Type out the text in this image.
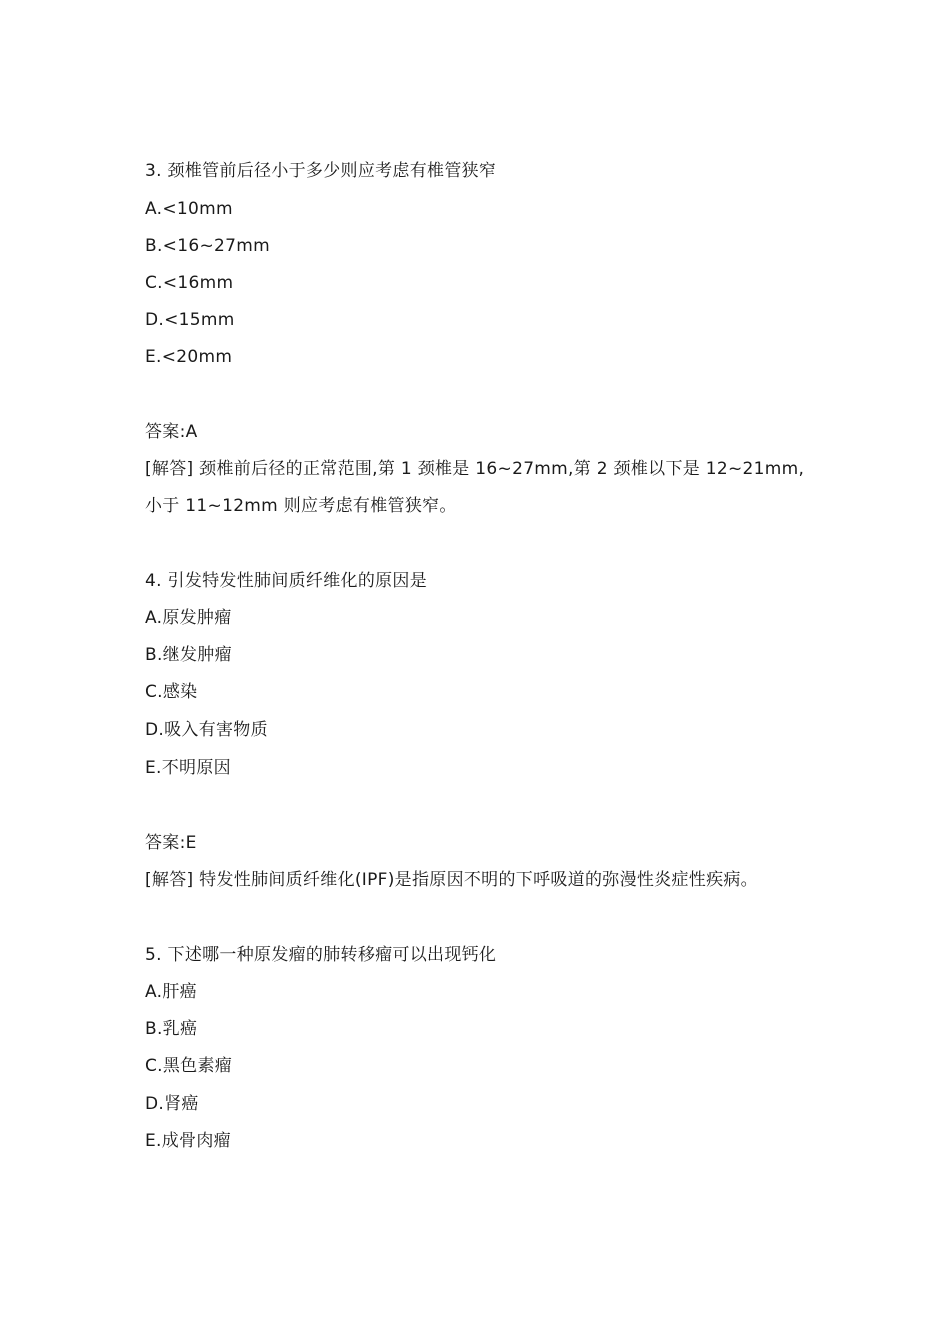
3. 颈椎管前后径小于多少则应考虑有椎管狭窄
A.<10mm
B.<16~27mm
C.<16mm
D.<15mm
E.<20mm
答案:A
[解答] 颈椎前后径的正常范围,第 1 颈椎是 16~27mm,第 2 颈椎以下是 12~21mm,小于 11~12mm 则应考虑有椎管狭窄。
4. 引发特发性肺间质纤维化的原因是
A.原发肿瘤
B.继发肿瘤
C.感染
D.吸入有害物质
E.不明原因
答案:E
[解答] 特发性肺间质纤维化(IPF)是指原因不明的下呼吸道的弥漫性炎症性疾病。
5. 下述哪一种原发瘤的肺转移瘤可以出现钙化
A.肝癌
B.乳癌
C.黑色素瘤
D.肾癌
E.成骨肉瘤
